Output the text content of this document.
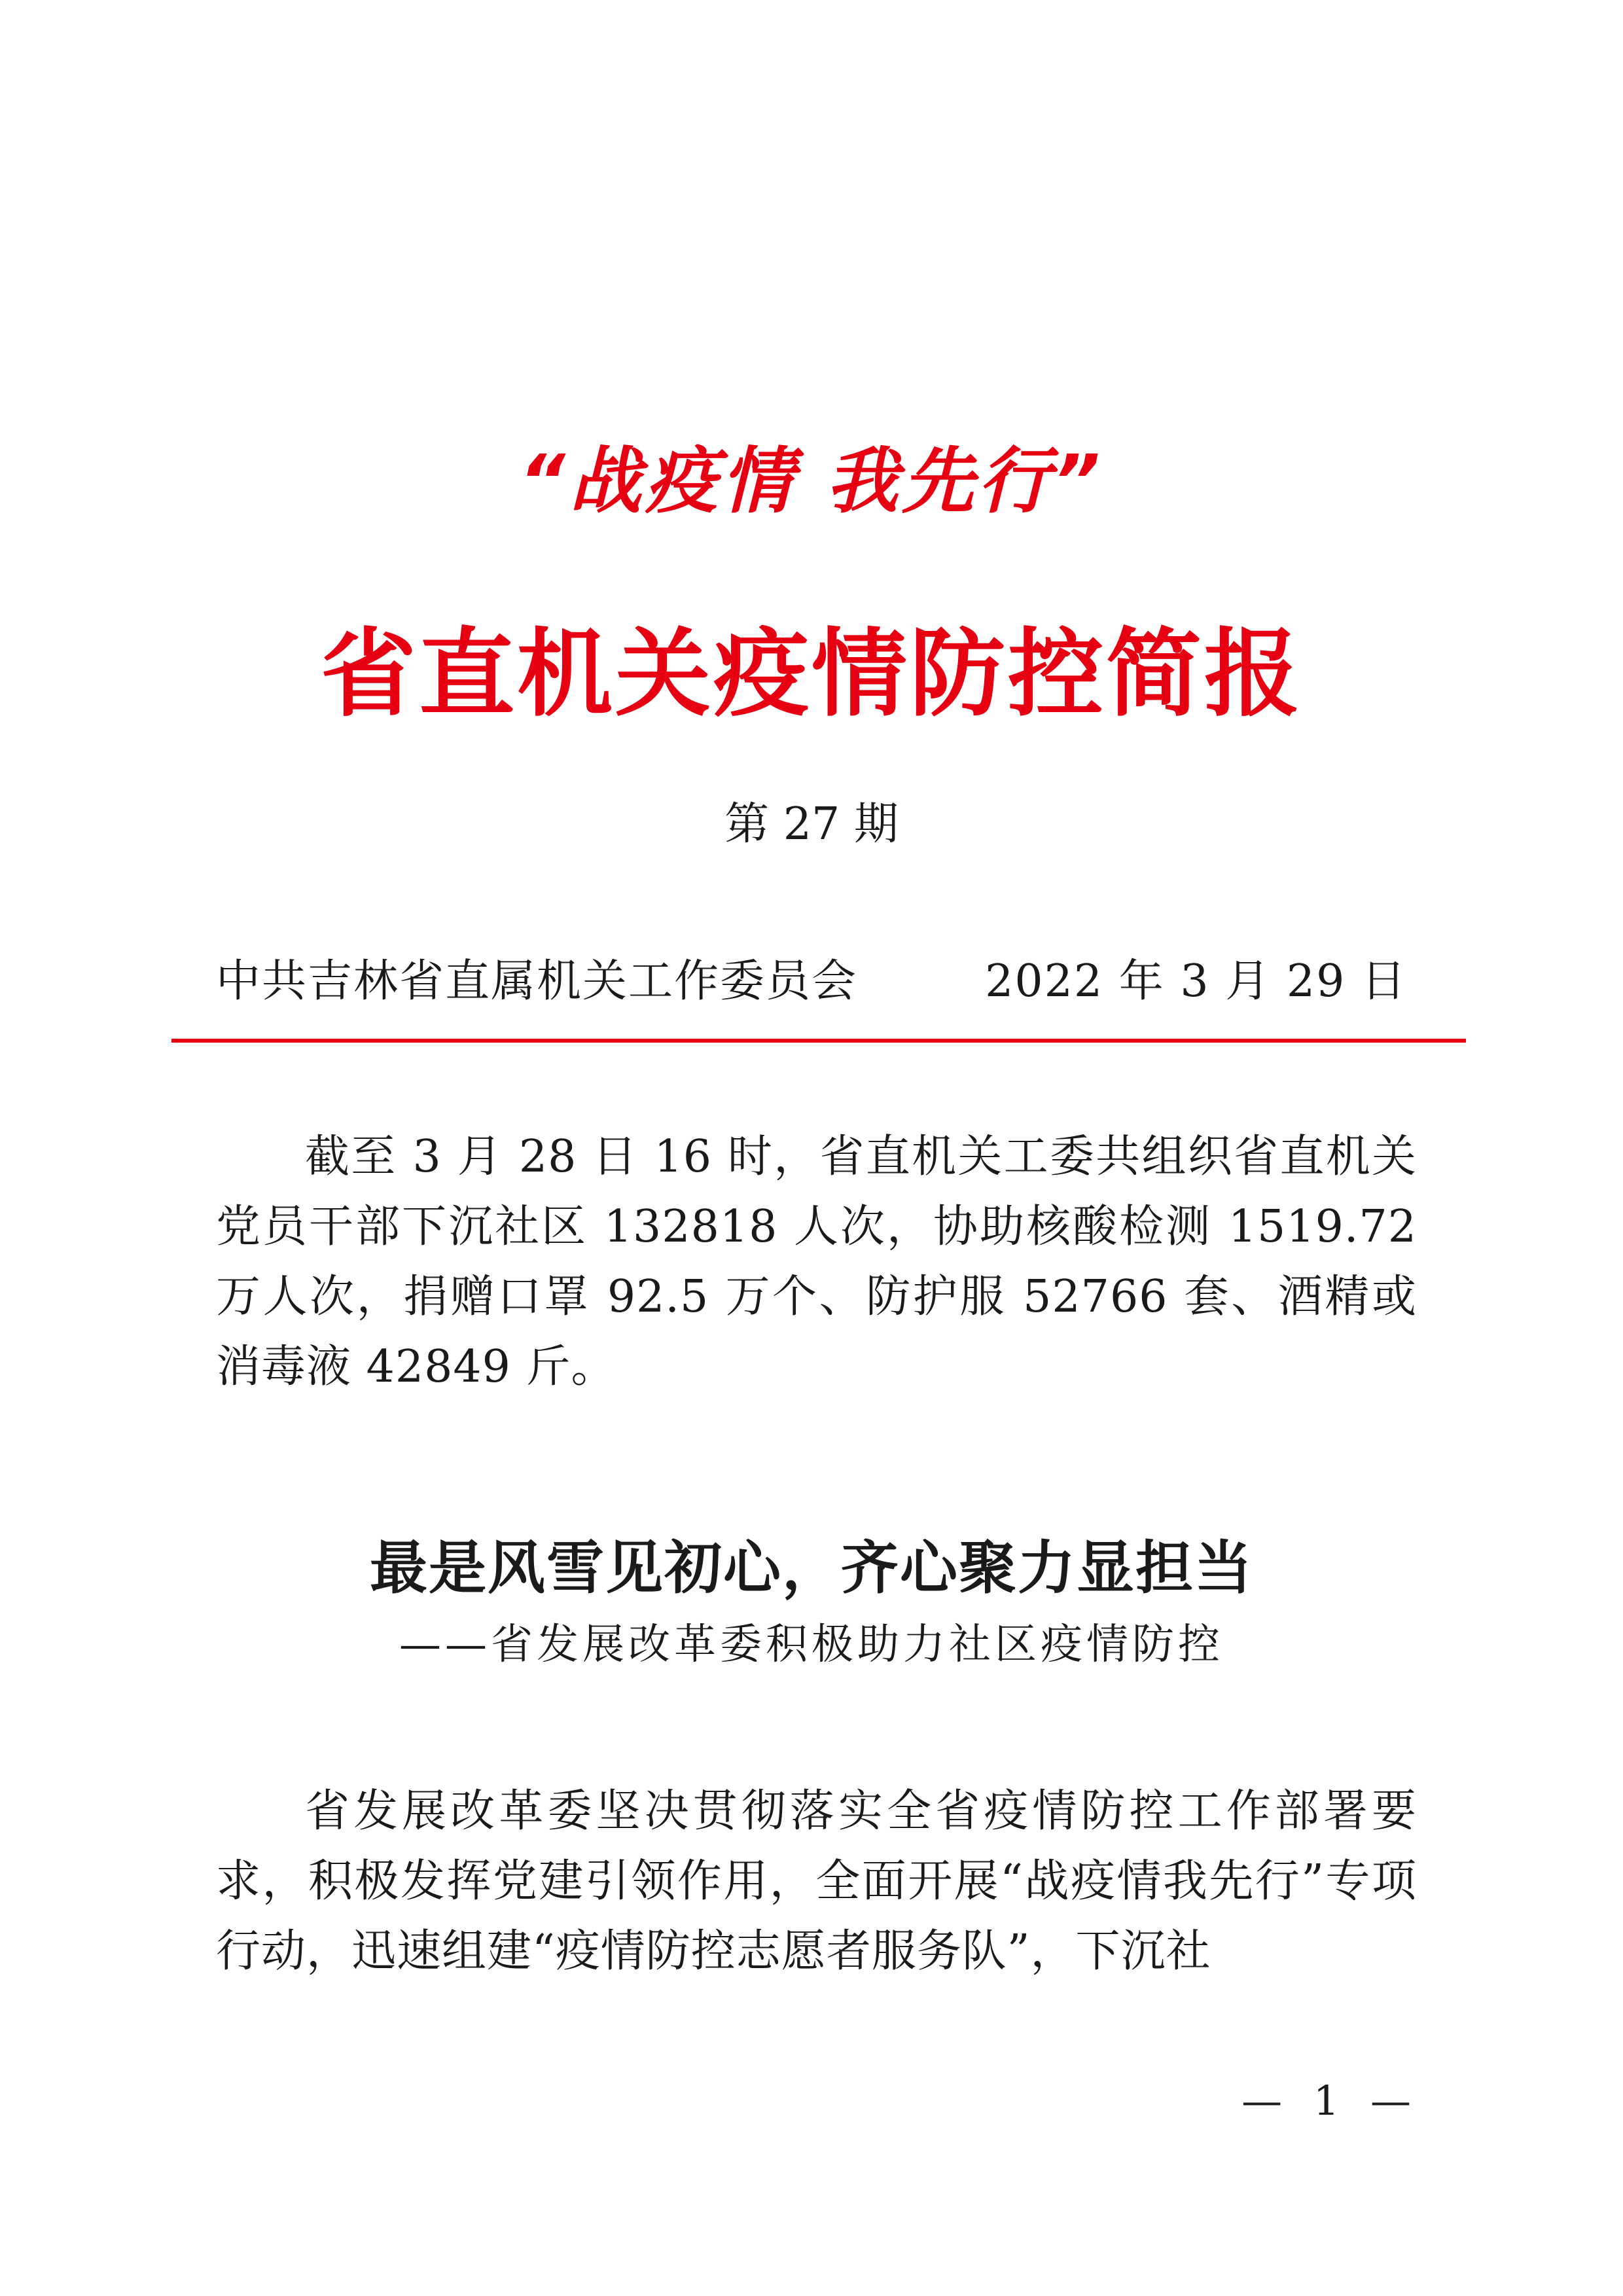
“战疫情 我先行”
省直机关疫情防控简报
第 27 期
中共吉林省直属机关工作委员会	2022 年 3 月 29 日

截至 3 月 28 日 16 时，省直机关工委共组织省直机关党员干部下沉社区 132818 人次，协助核酸检测 1519.72 万人次，捐赠口罩 92.5 万个、防护服 52766 套、酒精或消毒液 42849 斤。

最是风雪见初心，齐心聚力显担当
——省发展改革委积极助力社区疫情防控

省发展改革委坚决贯彻落实全省疫情防控工作部署要求，积极发挥党建引领作用，全面开展“战疫情我先行”专项行动，迅速组建“疫情防控志愿者服务队”，下沉社

— 1 —
